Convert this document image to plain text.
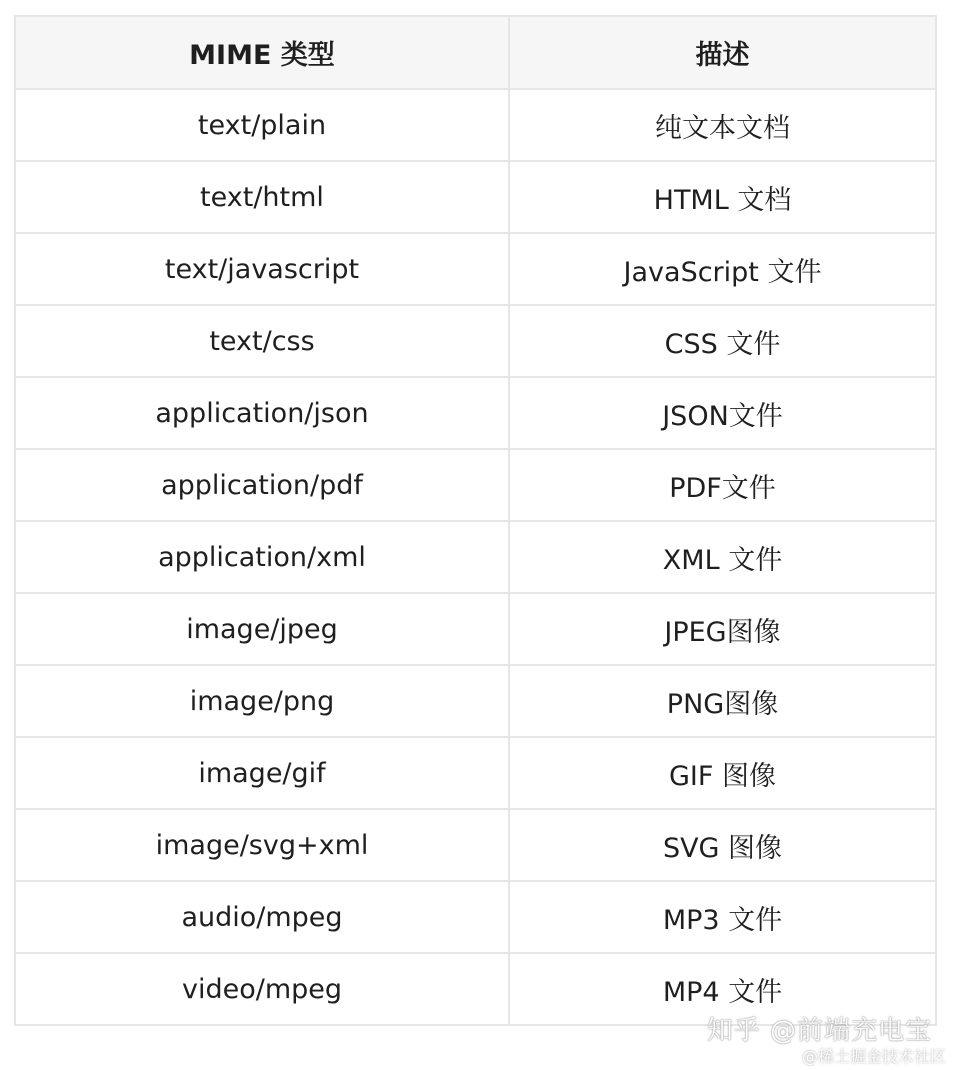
MIME 类型	描述
text/plain	纯文本文档
text/html	HTML 文档
text/javascript	JavaScript 文件
text/css	CSS 文件
application/json	JSON文件
application/pdf	PDF文件
application/xml	XML 文件
image/jpeg	JPEG图像
image/png	PNG图像
image/gif	GIF 图像
image/svg+xml	SVG 图像
audio/mpeg	MP3 文件
video/mpeg	MP4 文件
知乎 @前端充电宝
@稀土掘金技术社区
